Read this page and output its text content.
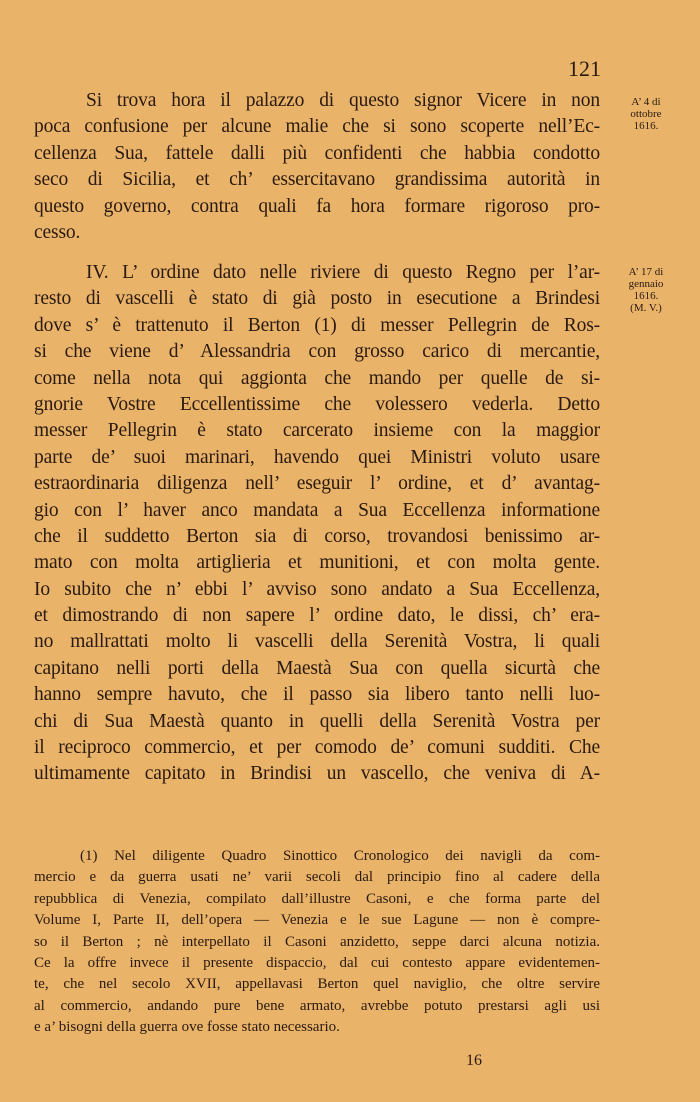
121
Si trova hora il palazzo di questo signor Vicere in non
poca confusione per alcune malie che si sono scoperte nell’Ec-
cellenza Sua, fattele dalli più confidenti che habbia condotto
seco di Sicilia, et ch’ essercitavano grandissima autorità in
questo governo, contra quali fa hora formare rigoroso pro-
cesso.
A’ 4 di
ottobre
1616.
IV. L’ ordine dato nelle riviere di questo Regno per l’ar-
resto di vascelli è stato di già posto in esecutione a Brindesi
dove s’ è trattenuto il Berton (1) di messer Pellegrin de Ros-
si che viene d’ Alessandria con grosso carico di mercantie,
come nella nota qui aggionta che mando per quelle de si-
gnorie Vostre Eccellentissime che volessero vederla. Detto
messer Pellegrin è stato carcerato insieme con la maggior
parte de’ suoi marinari, havendo quei Ministri voluto usare
estraordinaria diligenza nell’ eseguir l’ ordine, et d’ avantag-
gio con l’ haver anco mandata a Sua Eccellenza informatione
che il suddetto Berton sia di corso, trovandosi benissimo ar-
mato con molta artiglieria et munitioni, et con molta gente.
Io subito che n’ ebbi l’ avviso sono andato a Sua Eccellenza,
et dimostrando di non sapere l’ ordine dato, le dissi, ch’ era-
no mallrattati molto li vascelli della Serenità Vostra, li quali
capitano nelli porti della Maestà Sua con quella sicurtà che
hanno sempre havuto, che il passo sia libero tanto nelli luo-
chi di Sua Maestà quanto in quelli della Serenità Vostra per
il reciproco commercio, et per comodo de’ comuni sudditi. Che
ultimamente capitato in Brindisi un vascello, che veniva di A-
A’ 17 di
gennaio
1616.
(M. V.)
(1) Nel diligente Quadro Sinottico Cronologico dei navigli da com-
mercio e da guerra usati ne’ varii secoli dal principio fino al cadere della
repubblica di Venezia, compilato dall’illustre Casoni, e che forma parte del
Volume I, Parte II, dell’opera — Venezia e le sue Lagune — non è compre-
so il Berton ; nè interpellato il Casoni anzidetto, seppe darci alcuna notizia.
Ce la offre invece il presente dispaccio, dal cui contesto appare evidentemen-
te, che nel secolo XVII, appellavasi Berton quel naviglio, che oltre servire
al commercio, andando pure bene armato, avrebbe potuto prestarsi agli usi
e a’ bisogni della guerra ove fosse stato necessario.
16
